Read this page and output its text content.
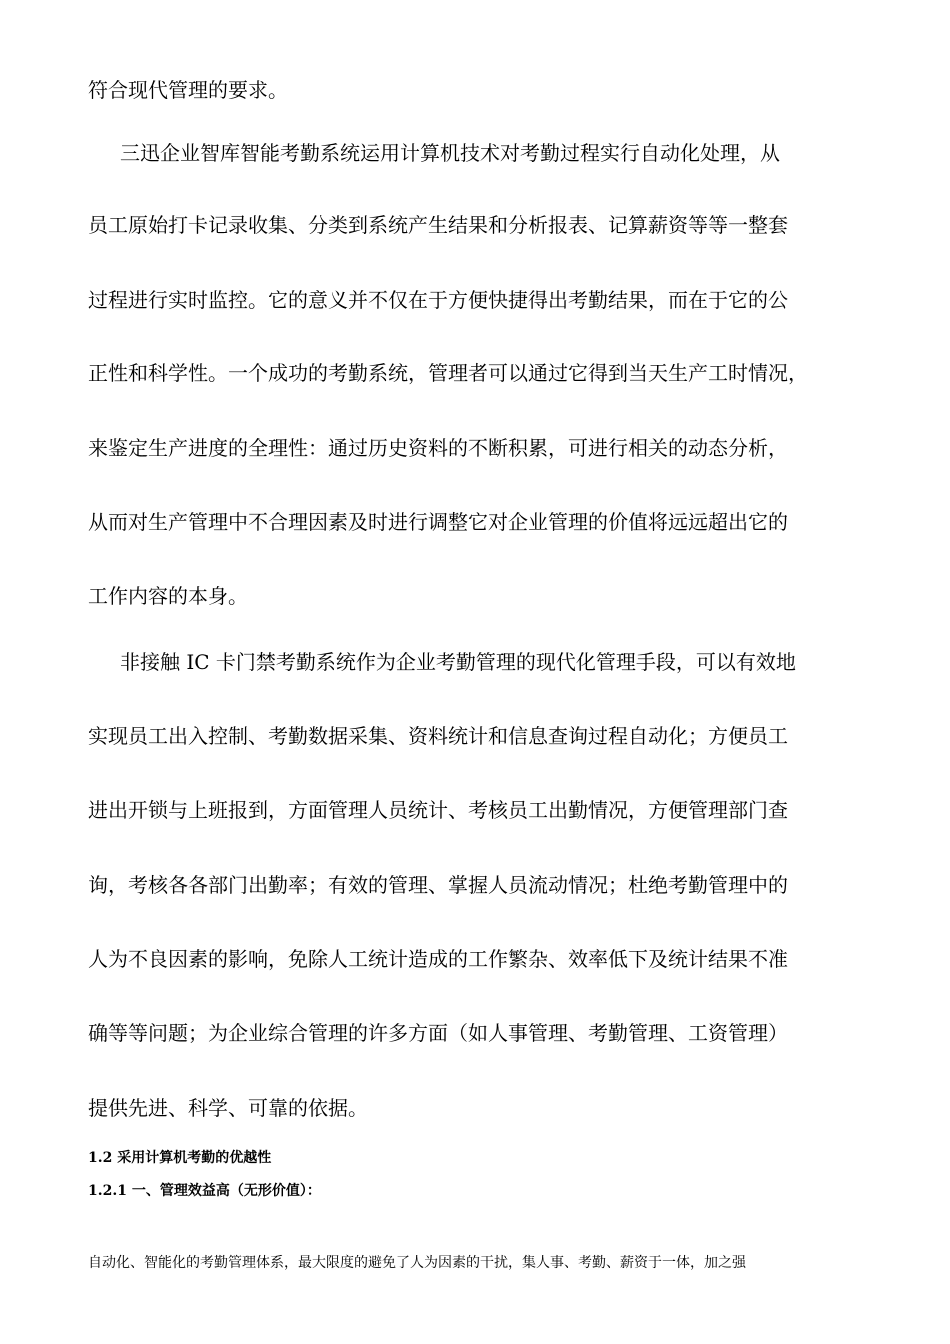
符合现代管理的要求。
三迅企业智库智能考勤系统运用计算机技术对考勤过程实行自动化处理，从
员工原始打卡记录收集、分类到系统产生结果和分析报表、记算薪资等等一整套
过程进行实时监控。它的意义并不仅在于方便快捷得出考勤结果，而在于它的公
正性和科学性。一个成功的考勤系统，管理者可以通过它得到当天生产工时情况，
来鉴定生产进度的全理性：通过历史资料的不断积累，可进行相关的动态分析，
从而对生产管理中不合理因素及时进行调整它对企业管理的价值将远远超出它的
工作内容的本身。
非接触 IC 卡门禁考勤系统作为企业考勤管理的现代化管理手段，可以有效地
实现员工出入控制、考勤数据采集、资料统计和信息查询过程自动化；方便员工
进出开锁与上班报到，方面管理人员统计、考核员工出勤情况，方便管理部门查
询，考核各各部门出勤率；有效的管理、掌握人员流动情况；杜绝考勤管理中的
人为不良因素的影响，免除人工统计造成的工作繁杂、效率低下及统计结果不准
确等等问题；为企业综合管理的许多方面（如人事管理、考勤管理、工资管理）
提供先进、科学、可靠的依据。
1.2 采用计算机考勤的优越性
1.2.1 一、管理效益高（无形价值）：
自动化、智能化的考勤管理体系，最大限度的避免了人为因素的干扰，集人事、考勤、薪资于一体，加之强
